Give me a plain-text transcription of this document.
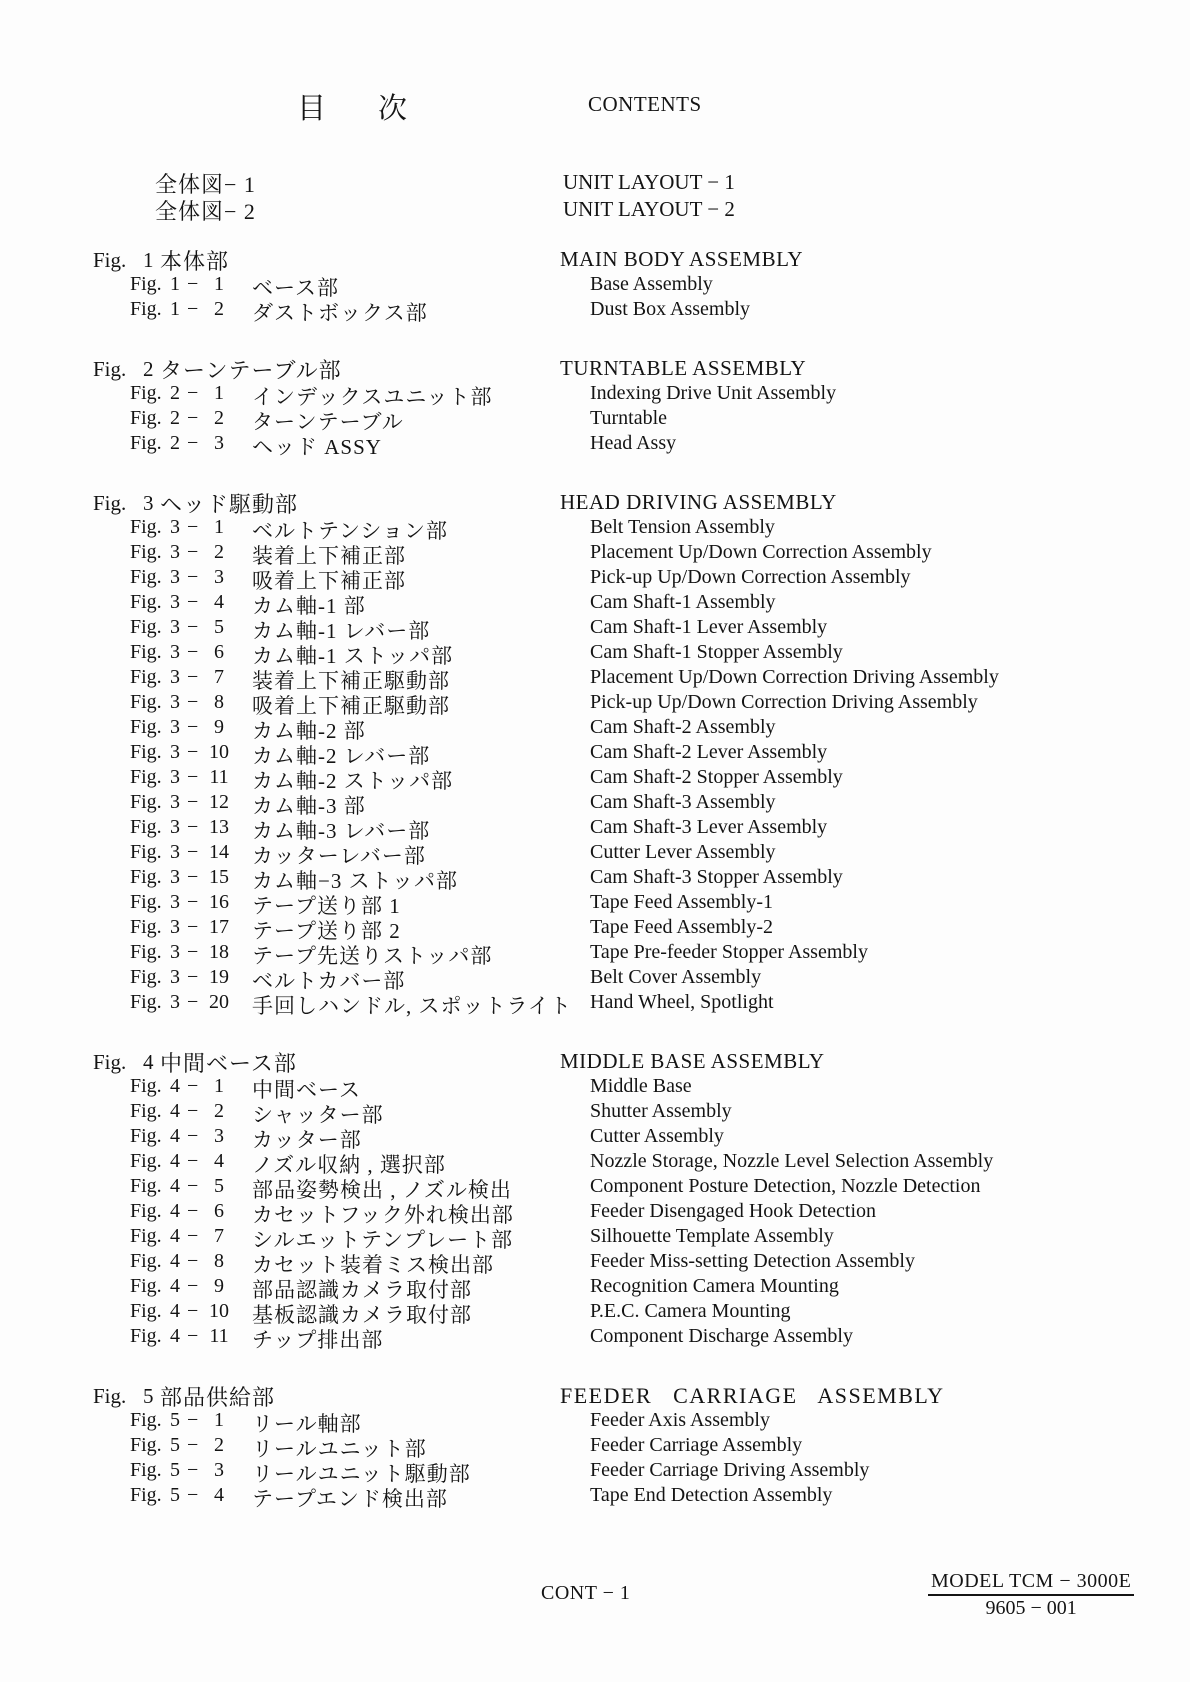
目次	CONTENTS
全体図− 1	UNIT LAYOUT − 1
全体図− 2	UNIT LAYOUT − 2
Fig. 1 本体部	MAIN BODY ASSEMBLY
Fig. 1 − 1	ベース部	Base Assembly
Fig. 1 − 2	ダストボックス部	Dust Box Assembly
Fig. 2 ターンテーブル部	TURNTABLE ASSEMBLY
Fig. 2 − 1	インデックスユニット部	Indexing Drive Unit Assembly
Fig. 2 − 2	ターンテーブル	Turntable
Fig. 2 − 3	ヘッド ASSY	Head Assy
Fig. 3 ヘッド駆動部	HEAD DRIVING ASSEMBLY
Fig. 3 − 1	ベルトテンション部	Belt Tension Assembly
Fig. 3 − 2	装着上下補正部	Placement Up/Down Correction Assembly
Fig. 3 − 3	吸着上下補正部	Pick-up Up/Down Correction Assembly
Fig. 3 − 4	カム軸-1 部	Cam Shaft-1 Assembly
Fig. 3 − 5	カム軸-1 レバー部	Cam Shaft-1 Lever Assembly
Fig. 3 − 6	カム軸-1 ストッパ部	Cam Shaft-1 Stopper Assembly
Fig. 3 − 7	装着上下補正駆動部	Placement Up/Down Correction Driving Assembly
Fig. 3 − 8	吸着上下補正駆動部	Pick-up Up/Down Correction Driving Assembly
Fig. 3 − 9	カム軸-2 部	Cam Shaft-2 Assembly
Fig. 3 − 10 カム軸-2 レバー部	Cam Shaft-2 Lever Assembly
Fig. 3 − 11	カム軸-2 ストッパ部	Cam Shaft-2 Stopper Assembly
Fig. 3 − 12 カム軸-3 部	Cam Shaft-3 Assembly
Fig. 3 − 13 カム軸-3 レバー部	Cam Shaft-3 Lever Assembly
Fig. 3 − 14 カッターレバー部	Cutter Lever Assembly
Fig. 3 − 15 カム軸−3 ストッパ部	Cam Shaft-3 Stopper Assembly
Fig. 3 − 16 テープ送り部 1	Tape Feed Assembly-1
Fig. 3 − 17 テープ送り部 2	Tape Feed Assembly-2
Fig. 3 − 18 テープ先送りストッパ部	Tape Pre-feeder Stopper Assembly
Fig. 3 − 19 ベルトカバー部	Belt Cover Assembly
Fig. 3 − 20 手回しハンドル, スポットライト Hand Wheel, Spotlight
Fig. 4 中間ベース部	MIDDLE BASE ASSEMBLY
Fig. 4 − 1	中間ベース	Middle Base
Fig. 4 − 2	シャッター部	Shutter Assembly
Fig. 4 − 3	カッター部	Cutter Assembly
Fig. 4 − 4	ノズル収納 , 選択部	Nozzle Storage, Nozzle Level Selection Assembly
Fig. 4 − 5	部品姿勢検出 , ノズル検出	Component Posture Detection, Nozzle Detection
Fig. 4 − 6	カセットフック外れ検出部	Feeder Disengaged Hook Detection
Fig. 4 − 7	シルエットテンプレート部	Silhouette Template Assembly
Fig. 4 − 8	カセット装着ミス検出部	Feeder Miss-setting Detection Assembly
Fig. 4 − 9	部品認識カメラ取付部	Recognition Camera Mounting
Fig. 4 − 10 基板認識カメラ取付部	P.E.C. Camera Mounting
Fig. 4 − 11	チップ排出部	Component Discharge Assembly
Fig. 5 部品供給部	FEEDER CARRIAGE ASSEMBLY
Fig. 5 − 1	リール軸部	Feeder Axis Assembly
Fig. 5 − 2	リールユニット部	Feeder Carriage Assembly
Fig. 5 − 3	リールユニット駆動部	Feeder Carriage Driving Assembly
Fig. 5 − 4	テープエンド検出部	Tape End Detection Assembly
CONT − 1
MODEL TCM − 3000E
9605 − 001
